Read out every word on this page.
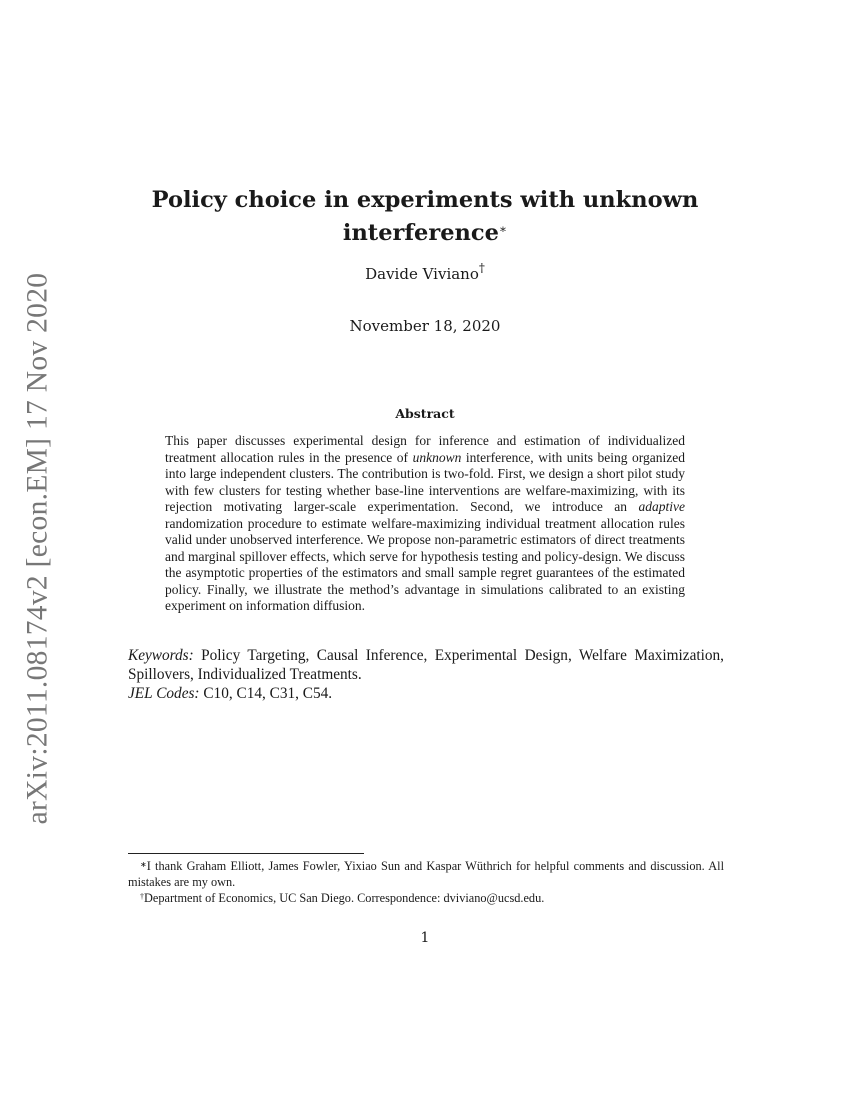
arXiv:2011.08174v2 [econ.EM] 17 Nov 2020
Policy choice in experiments with unknown
interference∗
Davide Viviano†
November 18, 2020
Abstract
This paper discusses experimental design for inference and estimation of individualized treatment allocation rules in the presence of unknown interference, with units being organized into large independent clusters. The contribution is two-fold. First, we design a short pilot study with few clusters for testing whether base-line interventions are welfare-maximizing, with its rejection motivating larger-scale experimentation. Second, we introduce an adaptive randomization procedure to estimate welfare-maximizing individual treatment allocation rules valid under unobserved interference. We propose non-parametric estimators of direct treatments and marginal spillover effects, which serve for hypothesis testing and policy-design. We discuss the asymptotic properties of the estimators and small sample regret guarantees of the estimated policy. Finally, we illustrate the method’s advantage in simulations calibrated to an existing experiment on information diffusion.

Keywords: Policy Targeting, Causal Inference, Experimental Design, Welfare Maximization, Spillovers, Individualized Treatments.

JEL Codes: C10, C14, C31, C54.

∗I thank Graham Elliott, James Fowler, Yixiao Sun and Kaspar Wüthrich for helpful comments and discussion. All mistakes are my own.

†Department of Economics, UC San Diego. Correspondence: dviviano@ucsd.edu.

1
